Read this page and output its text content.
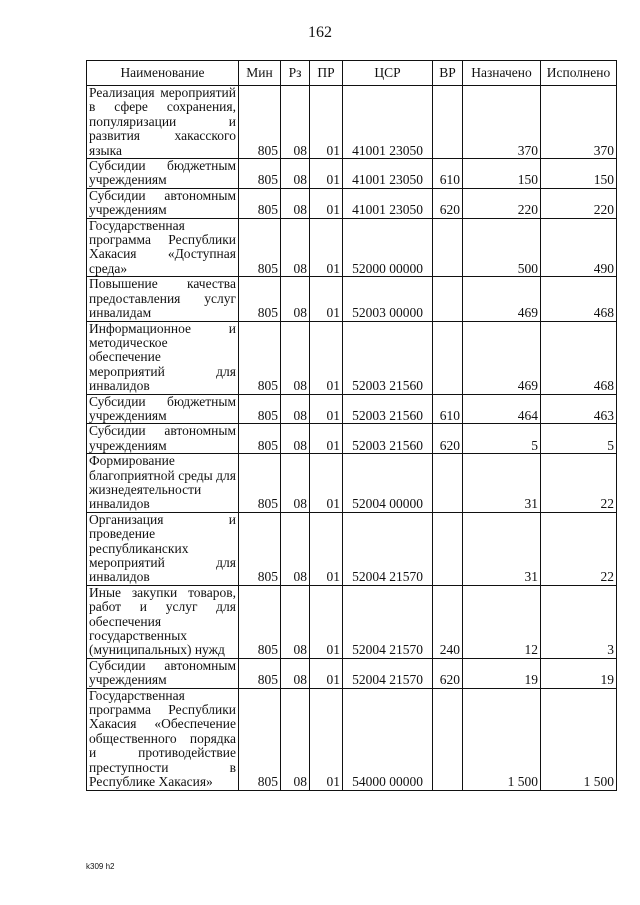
162
Наименование	Мин	Рз	ПР	ЦСР	ВР	Назначено	Исполнено
Реализация мероприятий в сфере сохранения, популяризации и развития хакасского языка	805	08	01	41001 23050		370	370
Субсидии бюджетным учреждениям	805	08	01	41001 23050	610	150	150
Субсидии автономным учреждениям	805	08	01	41001 23050	620	220	220
Государственная программа Республики Хакасия «Доступная среда»	805	08	01	52000 00000		500	490
Повышение качества предоставления услуг инвалидам	805	08	01	52003 00000		469	468
Информационное и методическое обеспечение мероприятий для инвалидов	805	08	01	52003 21560		469	468
Субсидии бюджетным учреждениям	805	08	01	52003 21560	610	464	463
Субсидии автономным учреждениям	805	08	01	52003 21560	620	5	5
Формирование благоприятной среды для жизнедеятельности инвалидов	805	08	01	52004 00000		31	22
Организация и проведение республиканских мероприятий для инвалидов	805	08	01	52004 21570		31	22
Иные закупки товаров, работ и услуг для обеспечения государственных (муниципальных) нужд	805	08	01	52004 21570	240	12	3
Субсидии автономным учреждениям	805	08	01	52004 21570	620	19	19
Государственная программа Республики Хакасия «Обеспечение общественного порядка и противодействие преступности в Республике Хакасия»	805	08	01	54000 00000		1 500	1 500
k309 h2
